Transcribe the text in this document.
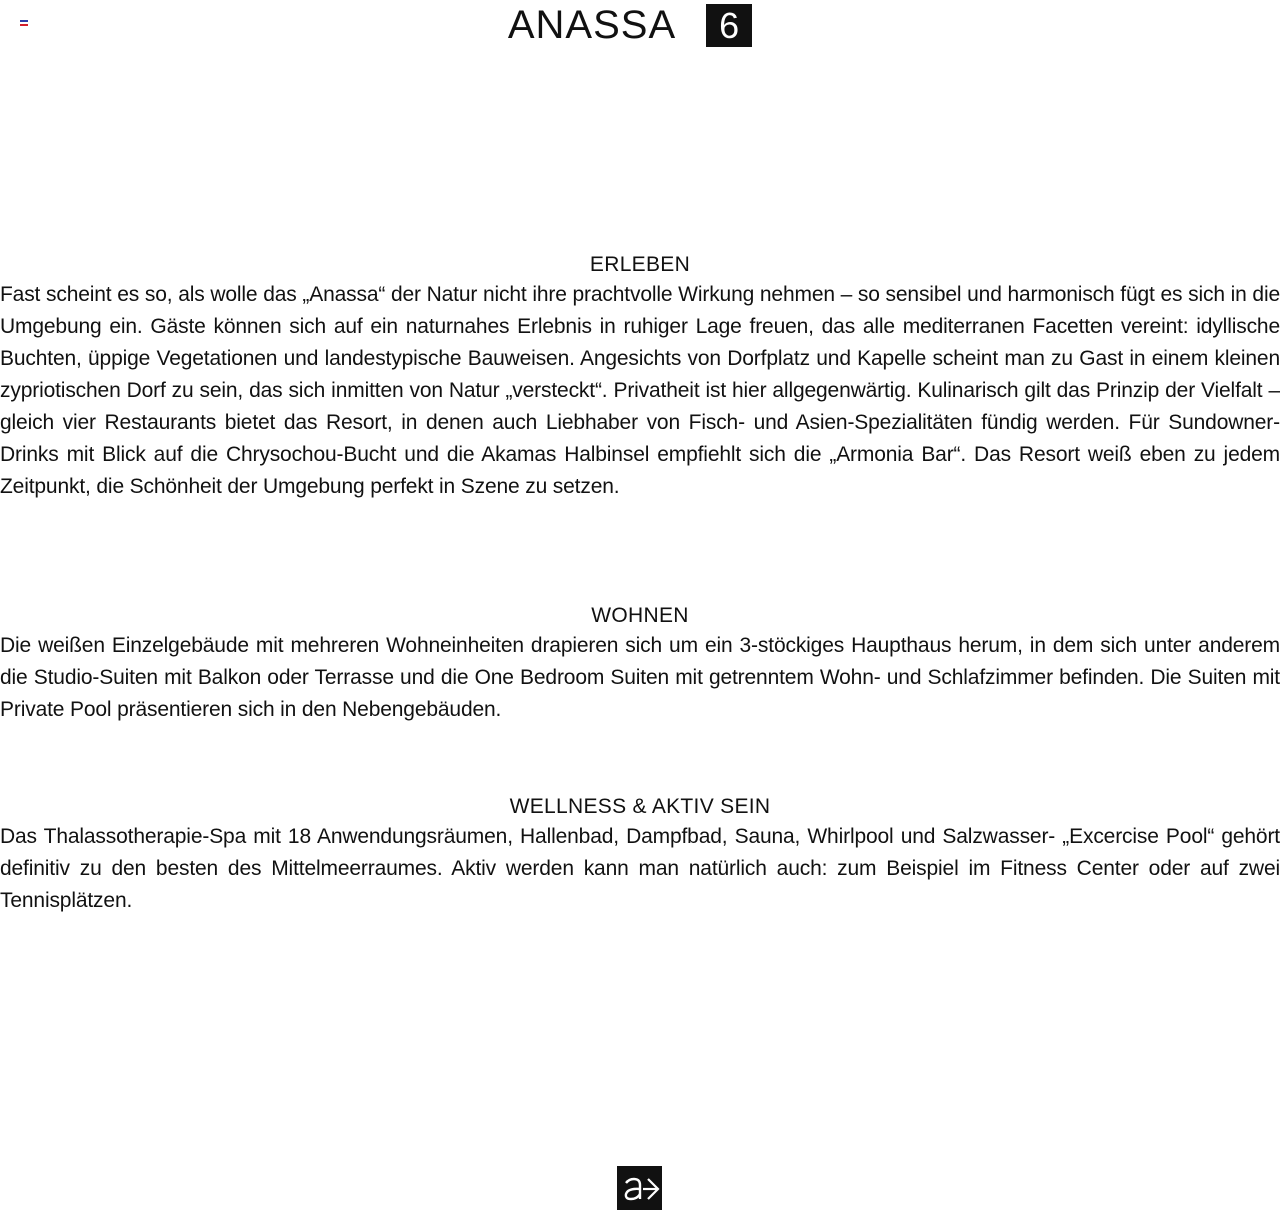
ANASSA	6
ERLEBEN

Fast scheint es so, als wolle das „Anassa“ der Natur nicht ihre prachtvolle Wirkung nehmen – so sensibel und harmonisch fügt es sich in die Umgebung ein. Gäste können sich auf ein naturnahes Erlebnis in ruhiger Lage freuen, das alle mediterranen Facetten vereint: idyllische Buchten, üppige Vegetationen und landestypische Bauweisen. Angesichts von Dorfplatz und Kapelle scheint man zu Gast in einem kleinen zypriotischen Dorf zu sein, das sich inmitten von Natur „versteckt“. Privatheit ist hier allgegenwärtig. Kulinarisch gilt das Prinzip der Vielfalt – gleich vier Restaurants bietet das Resort, in denen auch Liebhaber von Fisch- und Asien-Spezialitäten fündig werden. Für Sundowner-Drinks mit Blick auf die Chrysochou-Bucht und die Akamas Halbinsel empfiehlt sich die „Armonia Bar“. Das Resort weiß eben zu jedem Zeitpunkt, die Schönheit der Umgebung perfekt in Szene zu setzen.

WOHNEN

Die weißen Einzelgebäude mit mehreren Wohneinheiten drapieren sich um ein 3-stöckiges Haupthaus herum, in dem sich unter anderem die Studio-Suiten mit Balkon oder Terrasse und die One Bedroom Suiten mit getrenntem Wohn- und Schlafzimmer befinden. Die Suiten mit Private Pool präsentieren sich in den Nebengebäuden.

WELLNESS & AKTIV SEIN

Das Thalassotherapie-Spa mit 18 Anwendungsräumen, Hallenbad, Dampfbad, Sauna, Whirlpool und Salzwasser- „Excercise Pool“ gehört definitiv zu den besten des Mittelmeerraumes. Aktiv werden kann man natürlich auch: zum Beispiel im Fitness Center oder auf zwei Tennisplätzen.
